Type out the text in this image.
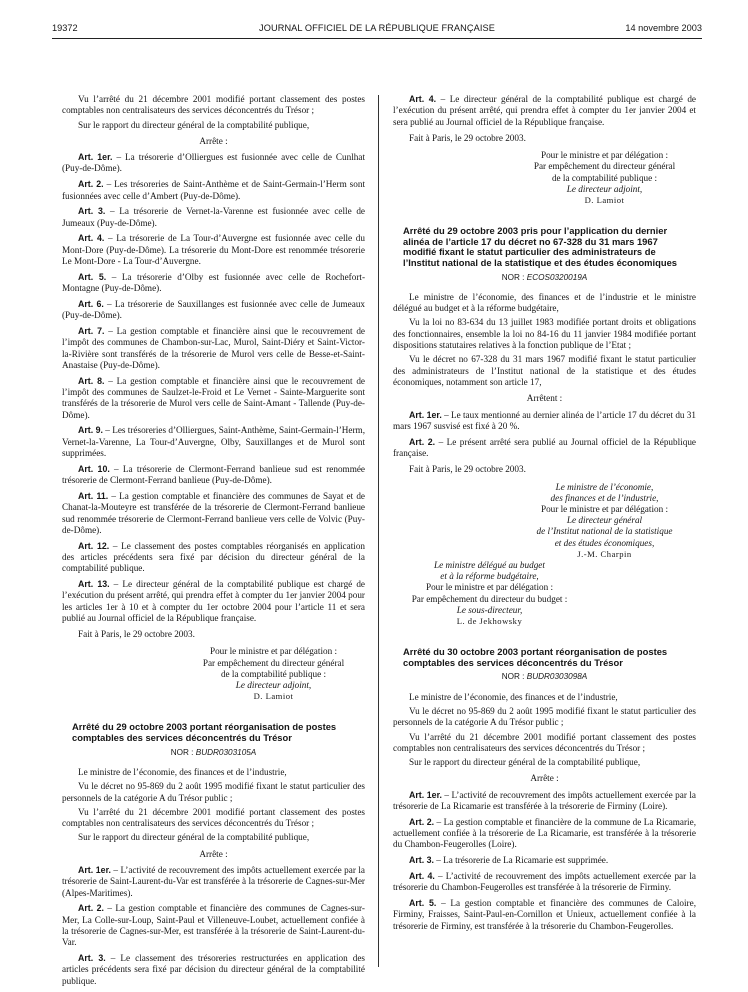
19372	JOURNAL OFFICIEL DE LA RÉPUBLIQUE FRANÇAISE	14 novembre 2003

Vu l’arrêté du 21 décembre 2001 modifié portant classement des postes comptables non centralisateurs des services déconcentrés du Trésor ;

Sur le rapport du directeur général de la comptabilité publique,

Arrête :

Art. 1er. – La trésorerie d’Olliergues est fusionnée avec celle de Cunlhat (Puy-de-Dôme).

Art. 2. – Les trésoreries de Saint-Anthème et de Saint-Germain-l’Herm sont fusionnées avec celle d’Ambert (Puy-de-Dôme).

Art. 3. – La trésorerie de Vernet-la-Varenne est fusionnée avec celle de Jumeaux (Puy-de-Dôme).

Art. 4. – La trésorerie de La Tour-d’Auvergne est fusionnée avec celle du Mont-Dore (Puy-de-Dôme). La trésorerie du Mont-Dore est renommée trésorerie Le Mont-Dore - La Tour-d’Auvergne.

Art. 5. – La trésorerie d’Olby est fusionnée avec celle de Rochefort-Montagne (Puy-de-Dôme).

Art. 6. – La trésorerie de Sauxillanges est fusionnée avec celle de Jumeaux (Puy-de-Dôme).

Art. 7. – La gestion comptable et financière ainsi que le recouvrement de l’impôt des communes de Chambon-sur-Lac, Murol, Saint-Diéry et Saint-Victor-la-Rivière sont transférés de la trésorerie de Murol vers celle de Besse-et-Saint-Anastaise (Puy-de-Dôme).

Art. 8. – La gestion comptable et financière ainsi que le recouvrement de l’impôt des communes de Saulzet-le-Froid et Le Vernet - Sainte-Marguerite sont transférés de la trésorerie de Murol vers celle de Saint-Amant - Tallende (Puy-de-Dôme).

Art. 9. – Les trésoreries d’Olliergues, Saint-Anthème, Saint-Germain-l’Herm, Vernet-la-Varenne, La Tour-d’Auvergne, Olby, Sauxillanges et de Murol sont supprimées.

Art. 10. – La trésorerie de Clermont-Ferrand banlieue sud est renommée trésorerie de Clermont-Ferrand banlieue (Puy-de-Dôme).

Art. 11. – La gestion comptable et financière des communes de Sayat et de Chanat-la-Mouteyre est transférée de la trésorerie de Clermont-Ferrand banlieue sud renommée trésorerie de Clermont-Ferrand banlieue vers celle de Volvic (Puy-de-Dôme).

Art. 12. – Le classement des postes comptables réorganisés en application des articles précédents sera fixé par décision du directeur général de la comptabilité publique.

Art. 13. – Le directeur général de la comptabilité publique est chargé de l’exécution du présent arrêté, qui prendra effet à compter du 1er janvier 2004 pour les articles 1er à 10 et à compter du 1er octobre 2004 pour l’article 11 et sera publié au Journal officiel de la République française.

Fait à Paris, le 29 octobre 2003.

Pour le ministre et par délégation :
Par empêchement du directeur général
de la comptabilité publique :
Le directeur adjoint,
D. Lamiot
Arrêté du 29 octobre 2003 portant réorganisation de postes comptables des services déconcentrés du Trésor
NOR : BUDR0303105A

Le ministre de l’économie, des finances et de l’industrie,

Vu le décret no 95-869 du 2 août 1995 modifié fixant le statut particulier des personnels de la catégorie A du Trésor public ;

Vu l’arrêté du 21 décembre 2001 modifié portant classement des postes comptables non centralisateurs des services déconcentrés du Trésor ;

Sur le rapport du directeur général de la comptabilité publique,

Arrête :

Art. 1er. – L’activité de recouvrement des impôts actuellement exercée par la trésorerie de Saint-Laurent-du-Var est transférée à la trésorerie de Cagnes-sur-Mer (Alpes-Maritimes).

Art. 2. – La gestion comptable et financière des communes de Cagnes-sur-Mer, La Colle-sur-Loup, Saint-Paul et Villeneuve-Loubet, actuellement confiée à la trésorerie de Cagnes-sur-Mer, est transférée à la trésorerie de Saint-Laurent-du-Var.

Art. 3. – Le classement des trésoreries restructurées en application des articles précédents sera fixé par décision du directeur général de la comptabilité publique.

Art. 4. – Le directeur général de la comptabilité publique est chargé de l’exécution du présent arrêté, qui prendra effet à compter du 1er janvier 2004 et sera publié au Journal officiel de la République française.

Fait à Paris, le 29 octobre 2003.

Pour le ministre et par délégation :
Par empêchement du directeur général
de la comptabilité publique :
Le directeur adjoint,
D. Lamiot
Arrêté du 29 octobre 2003 pris pour l’application du dernier alinéa de l’article 17 du décret no 67-328 du 31 mars 1967 modifié fixant le statut particulier des administrateurs de l’Institut national de la statistique et des études économiques
NOR : ECOS0320019A

Le ministre de l’économie, des finances et de l’industrie et le ministre délégué au budget et à la réforme budgétaire,

Vu la loi no 83-634 du 13 juillet 1983 modifiée portant droits et obligations des fonctionnaires, ensemble la loi no 84-16 du 11 janvier 1984 modifiée portant dispositions statutaires relatives à la fonction publique de l’Etat ;

Vu le décret no 67-328 du 31 mars 1967 modifié fixant le statut particulier des administrateurs de l’Institut national de la statistique et des études économiques, notamment son article 17,

Arrêtent :

Art. 1er. – Le taux mentionné au dernier alinéa de l’article 17 du décret du 31 mars 1967 susvisé est fixé à 20 %.

Art. 2. – Le présent arrêté sera publié au Journal officiel de la République française.

Fait à Paris, le 29 octobre 2003.

Le ministre de l’économie,
des finances et de l’industrie,
Pour le ministre et par délégation :
Le directeur général
de l’Institut national de la statistique
et des études économiques,
J.-M. Charpin
Le ministre délégué au budget
et à la réforme budgétaire,
Pour le ministre et par délégation :
Par empêchement du directeur du budget :
Le sous-directeur,
L. de Jekhowsky
Arrêté du 30 octobre 2003 portant réorganisation de postes comptables des services déconcentrés du Trésor
NOR : BUDR0303098A

Le ministre de l’économie, des finances et de l’industrie,

Vu le décret no 95-869 du 2 août 1995 modifié fixant le statut particulier des personnels de la catégorie A du Trésor public ;

Vu l’arrêté du 21 décembre 2001 modifié portant classement des postes comptables non centralisateurs des services déconcentrés du Trésor ;

Sur le rapport du directeur général de la comptabilité publique,

Arrête :

Art. 1er. – L’activité de recouvrement des impôts actuellement exercée par la trésorerie de La Ricamarie est transférée à la trésorerie de Firminy (Loire).

Art. 2. – La gestion comptable et financière de la commune de La Ricamarie, actuellement confiée à la trésorerie de La Ricamarie, est transférée à la trésorerie du Chambon-Feugerolles (Loire).

Art. 3. – La trésorerie de La Ricamarie est supprimée.

Art. 4. – L’activité de recouvrement des impôts actuellement exercée par la trésorerie du Chambon-Feugerolles est transférée à la trésorerie de Firminy.

Art. 5. – La gestion comptable et financière des communes de Caloire, Firminy, Fraisses, Saint-Paul-en-Cornillon et Unieux, actuellement confiée à la trésorerie de Firminy, est transférée à la trésorerie du Chambon-Feugerolles.
